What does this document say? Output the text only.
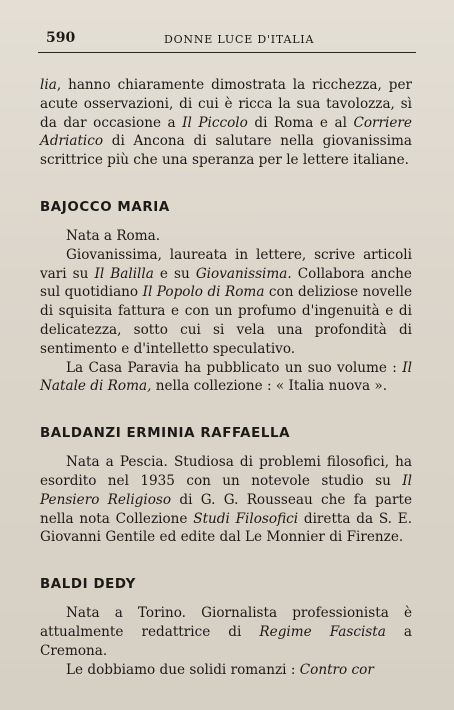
590	DONNE LUCE D'ITALIA

lia, hanno chiaramente dimostrata la ricchezza, per acute osservazioni, di cui è ricca la sua tavolozza, sì da dar occasione a Il Piccolo di Roma e al Corriere Adriatico di Ancona di salutare nella giovanissima scrittrice più che una speranza per le lettere italiane.

BAJOCCO MARIA

Nata a Roma.

Giovanissima, laureata in lettere, scrive articoli vari su Il Balilla e su Giovanissima. Collabora anche sul quotidiano Il Popolo di Roma con deliziose novelle di squisita fattura e con un profumo d'ingenuità e di delicatezza, sotto cui si vela una profondità di sentimento e d'intelletto speculativo.

La Casa Paravia ha pubblicato un suo volume : Il Natale di Roma, nella collezione : « Italia nuova ».

BALDANZI ERMINIA RAFFAELLA

Nata a Pescia. Studiosa di problemi filosofici, ha esordito nel 1935 con un notevole studio su Il Pensiero Religioso di G. G. Rousseau che fa parte nella nota Collezione Studi Filosofici diretta da S. E. Giovanni Gentile ed edite dal Le Monnier di Firenze.

BALDI DEDY

Nata a Torino. Giornalista professionista è attualmente redattrice di Regime Fascista a Cremona.

Le dobbiamo due solidi romanzi : Contro cor
